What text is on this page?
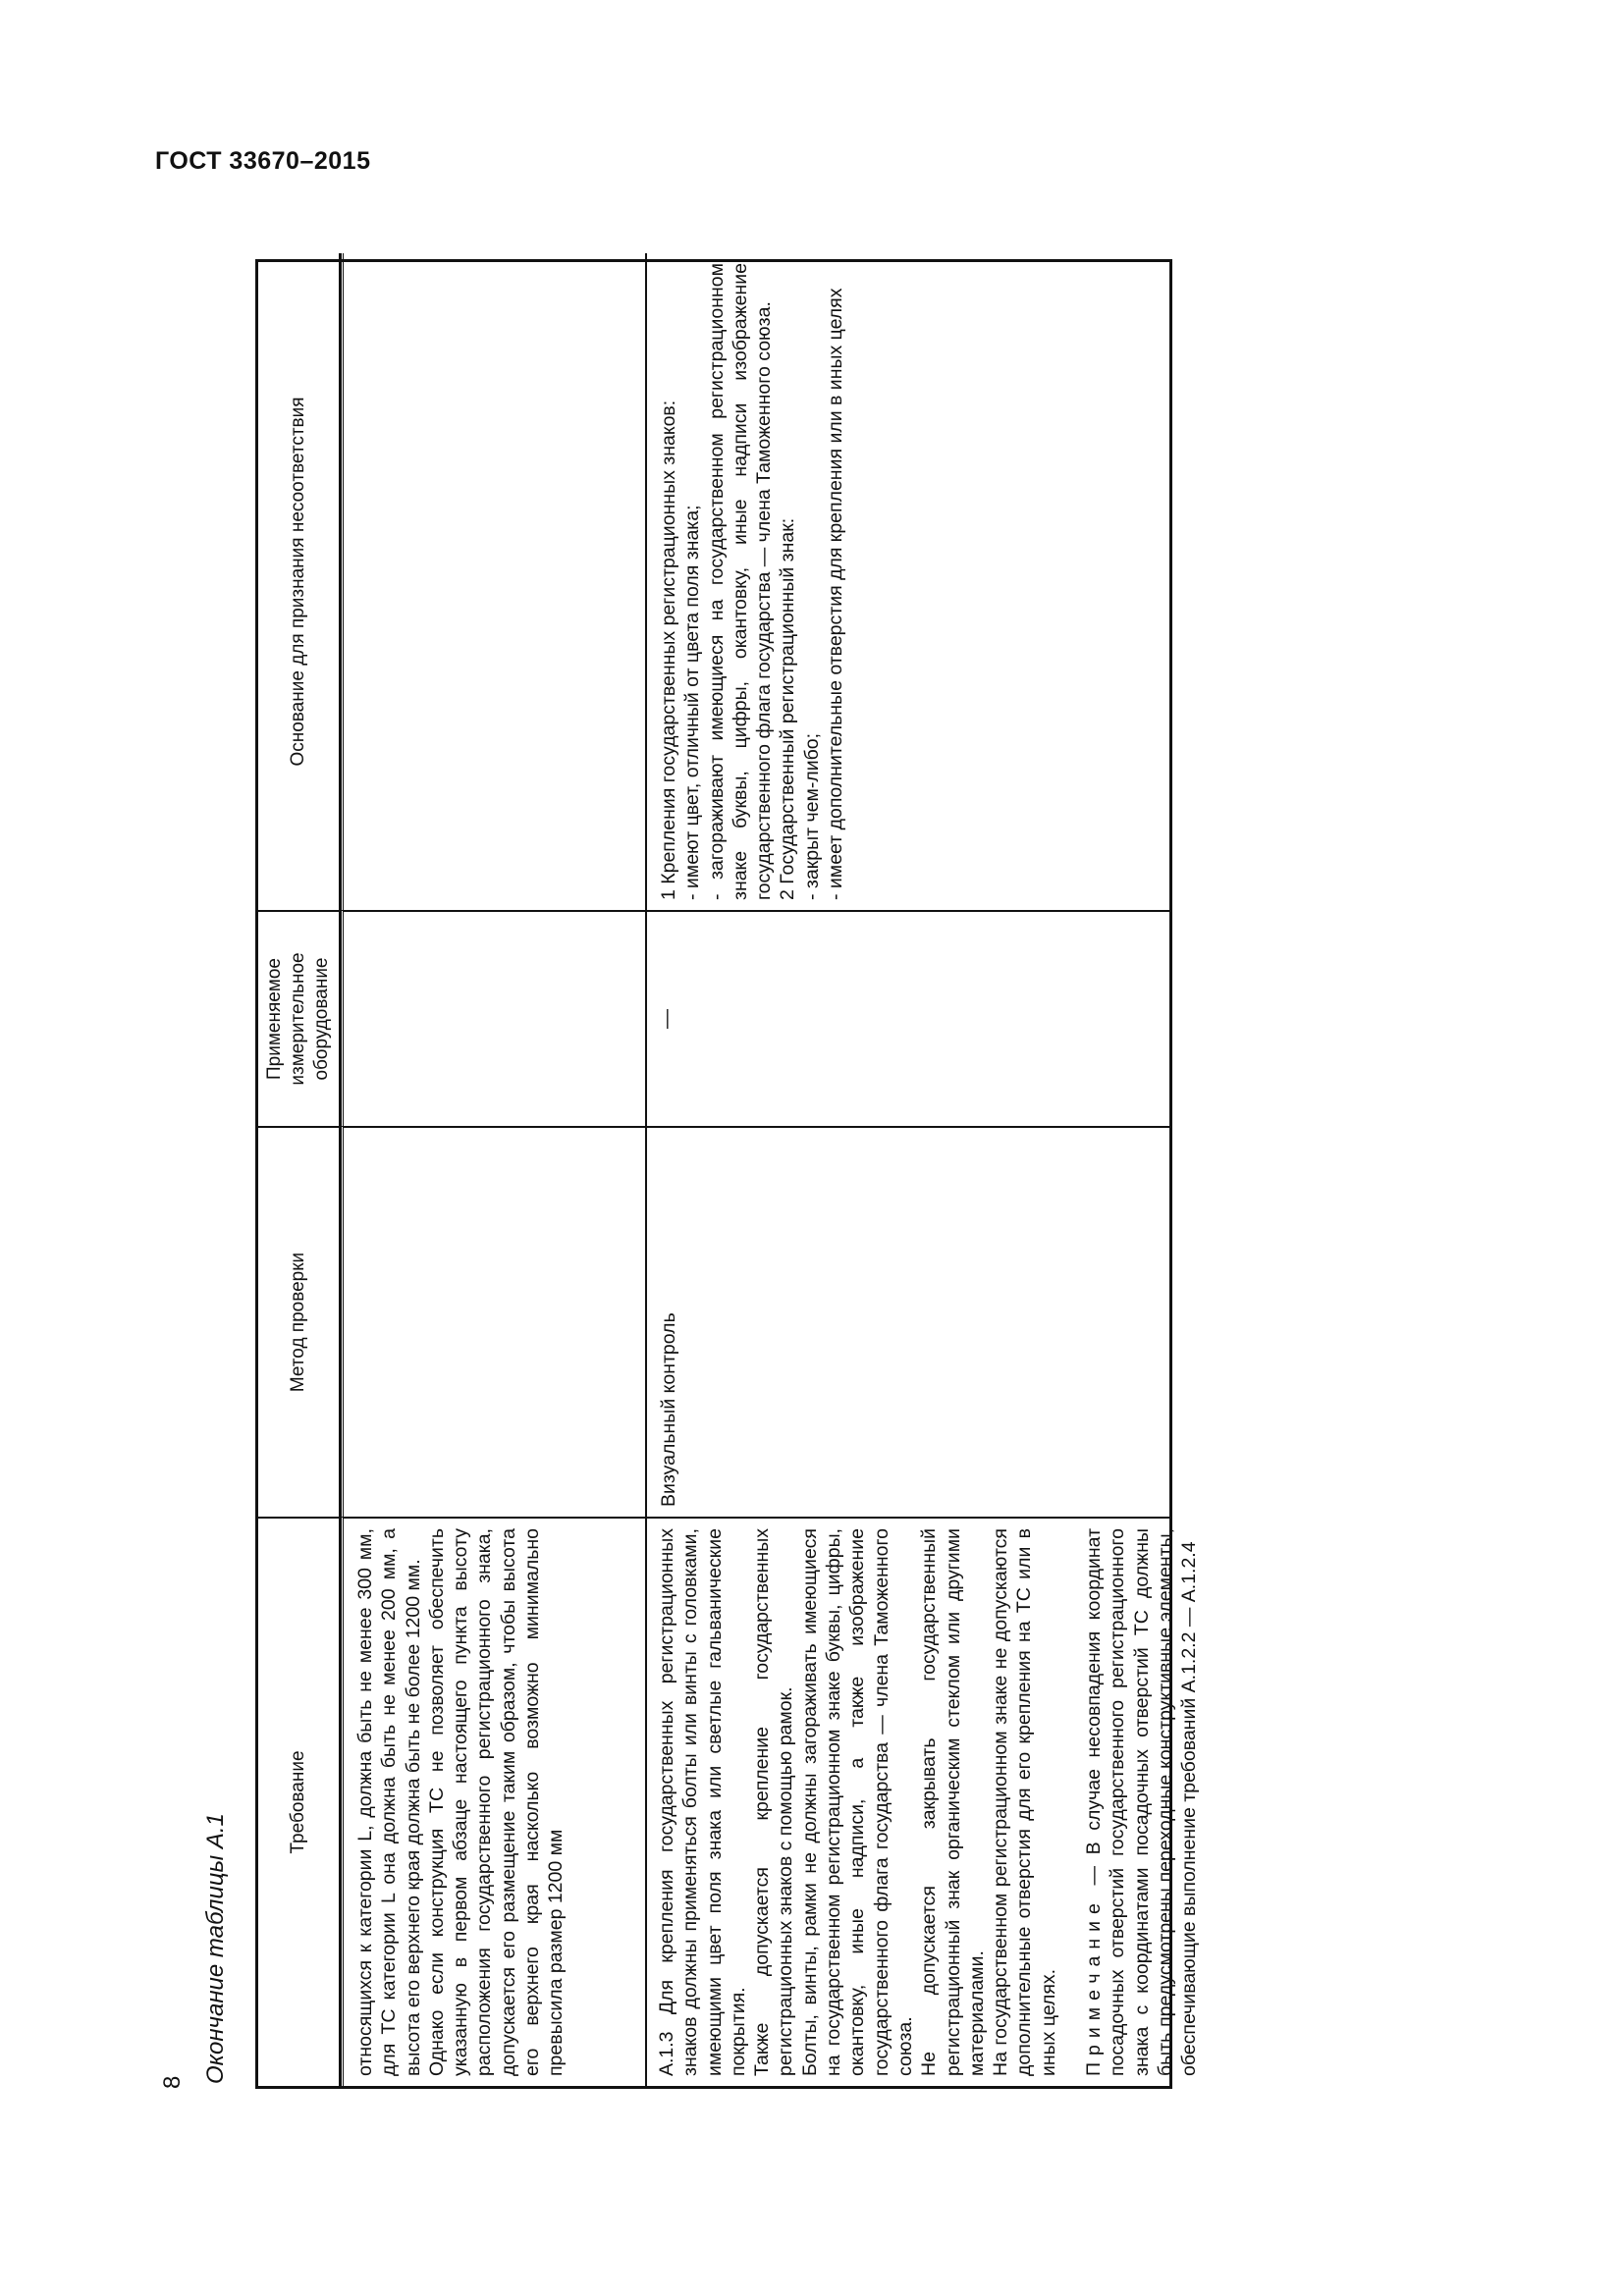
ГОСТ 33670–2015
8 Окончание таблицы А.1
Требование
Метод проверки
Применяемое измерительное оборудование
Основание для признания несоответствия

относящихся к категории L, должна быть не менее 300 мм, для ТС категории L она должна быть не менее 200 мм, а высота его верхнего края должна быть не более 1200 мм. Однако если конструкция ТС не позволяет обеспечить указанную в первом абзаце настоящего пункта высоту расположения государственного регистрационного знака, допускается его размещение таким образом, чтобы высота его верхнего края насколько возможно минимально превысила размер 1200 мм	А.1.3 Для крепления государственных регистрационных знаков должны применяться болты или винты с головками, имеющими цвет поля знака или светлые гальванические покрытия. Также допускается крепление государственных регистрационных знаков с помощью рамок. Болты, винты, рамки не должны загораживать имеющиеся на государственном регистрационном знаке буквы, цифры, окантовку, иные надписи, а также изображение государственного флага государства — члена Таможенного союза. Не допускается закрывать государственный регистрационный знак органическим стеклом или другими материалами. На государственном регистрационном знаке не допускаются дополнительные отверстия для его крепления на ТС или в иных целях. Примечание — В случае несовпадения координат посадочных отверстий государственного регистрационного знака с координатами посадочных отверстий ТС должны быть предусмотрены переходные конструктивные элементы, обеспечивающие выполнение требований А.1.2.2 — А.1.2.4

Визуальный контроль
—

1 Крепления государственных регистрационных знаков: - имеют цвет, отличный от цвета поля знака; - загораживают имеющиеся на государственном регистрационном знаке буквы, цифры, окантовку, иные надписи изображение государственного флага государства — члена Таможенного союза. 2 Государственный регистрационный знак: - закрыт чем-либо; - имеет дополнительные отверстия для крепления или в иных целях
